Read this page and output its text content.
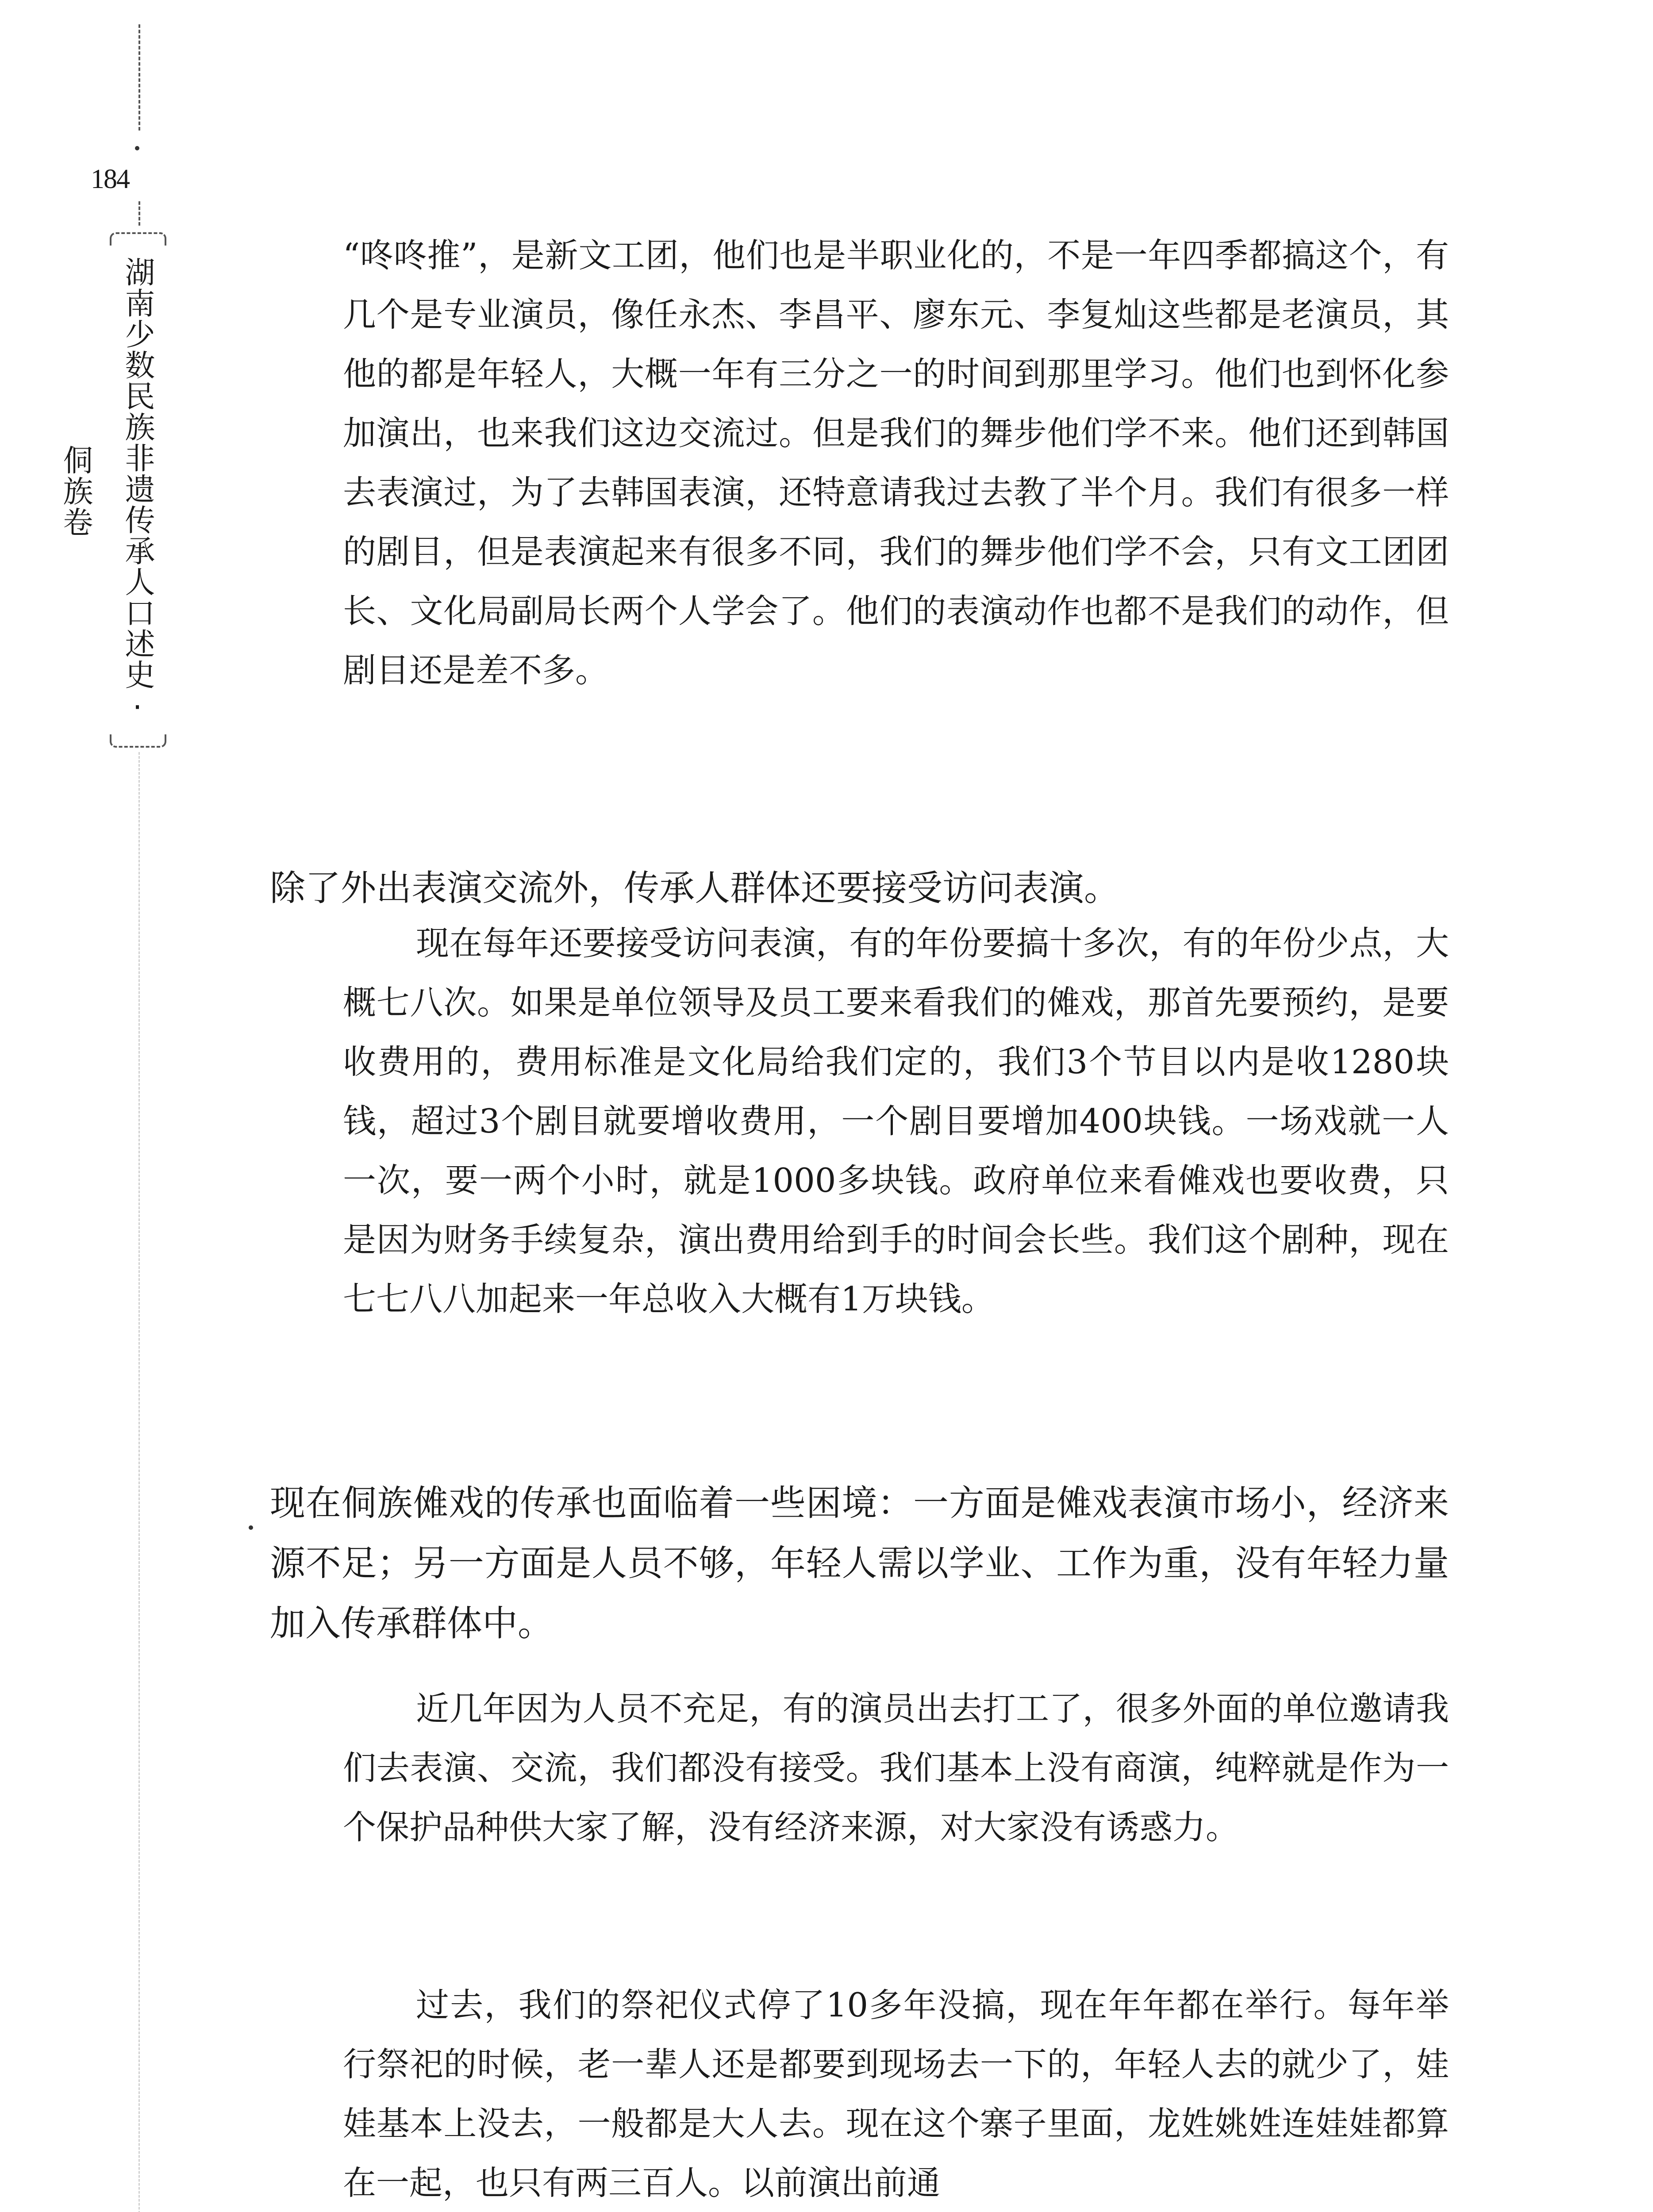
184
湖南少数民族非遗传承人口述史·侗族卷

“咚咚推”，是新文工团，他们也是半职业化的，不是一年四季都搞这个，有几个是专业演员，像任永杰、李昌平、廖东元、李复灿这些都是老演员，其他的都是年轻人，大概一年有三分之一的时间到那里学习。他们也到怀化参加演出，也来我们这边交流过。但是我们的舞步他们学不来。他们还到韩国去表演过，为了去韩国表演，还特意请我过去教了半个月。我们有很多一样的剧目，但是表演起来有很多不同，我们的舞步他们学不会，只有文工团团长、文化局副局长两个人学会了。他们的表演动作也都不是我们的动作，但剧目还是差不多。

除了外出表演交流外，传承人群体还要接受访问表演。

现在每年还要接受访问表演，有的年份要搞十多次，有的年份少点，大概七八次。如果是单位领导及员工要来看我们的傩戏，那首先要预约，是要收费用的，费用标准是文化局给我们定的，我们3个节目以内是收1280块钱，超过3个剧目就要增收费用，一个剧目要增加400块钱。一场戏就一人一次，要一两个小时，就是1000多块钱。政府单位来看傩戏也要收费，只是因为财务手续复杂，演出费用给到手的时间会长些。我们这个剧种，现在七七八八加起来一年总收入大概有1万块钱。

现在侗族傩戏的传承也面临着一些困境：一方面是傩戏表演市场小，经济来源不足；另一方面是人员不够，年轻人需以学业、工作为重，没有年轻力量加入传承群体中。

近几年因为人员不充足，有的演员出去打工了，很多外面的单位邀请我们去表演、交流，我们都没有接受。我们基本上没有商演，纯粹就是作为一个保护品种供大家了解，没有经济来源，对大家没有诱惑力。

过去，我们的祭祀仪式停了10多年没搞，现在年年都在举行。每年举行祭祀的时候，老一辈人还是都要到现场去一下的，年轻人去的就少了，娃娃基本上没去，一般都是大人去。现在这个寨子里面，龙姓姚姓连娃娃都算在一起，也只有两三百人。以前演出前通
